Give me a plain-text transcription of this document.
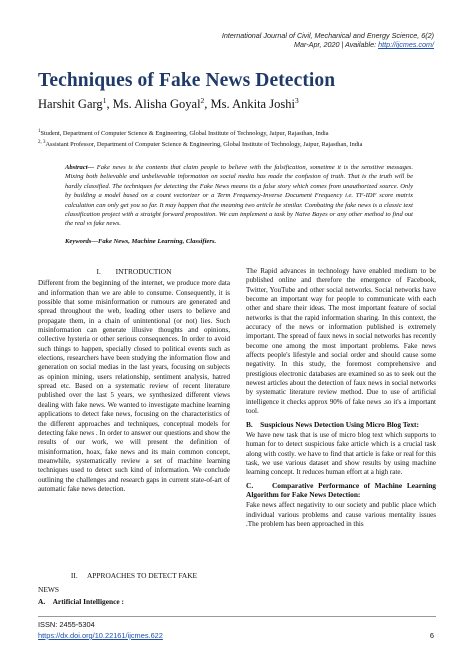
International Journal of Civil, Mechanical and Energy Science, 6(2)
Mar-Apr, 2020 | Available: http://ijcmes.com/
Techniques of Fake News Detection
Harshit Garg$^1$, Ms. Alisha Goyal$^2$, Ms. Ankita Joshi$^3$
$^1$Student, Department of Computer Science & Engineering, Global Institute of Technology, Jaipur, Rajasthan, India
$^{2, 3}$Assistant Professor, Department of Computer Science & Engineering, Global Institute of Technology, Jaipur, Rajasthan, India
Abstract— Fake news is the contents that claim people to believe with the falsification, sometime it is the sensitive messages. Mixing both believable and unbelievable information on social media has made the confusion of truth. That is the truth will be hardly classified. The techniques for detecting the Fake News means its a false story which comes from unauthorized source. Only by building a model based on a count vectorizer or a Term Frequency-Inverse Document Frequency i.e. TF-IDF score matrix calculation can only get you so far. It may happen that the meaning two article be similar. Combating the fake news is a classic text classification project with a straight forward proposition. We can implement a task by Naïve Bayes or any other method to find out the real vs fake news.
Keywords—Fake News, Machine Learning, Classifiers.
I. INTRODUCTION

Different from the beginning of the internet, we produce more data and information than we are able to consume. Consequently, it is possible that some misinformation or rumours are generated and spread throughout the web, leading other users to believe and propagate them, in a chain of unintentional (or not) lies. Such misinformation can generate illusive thoughts and opinions, collective hysteria or other serious consequences. In order to avoid such things to happen, specially closed to political events such as elections, researchers have been studying the information flow and generation on social medias in the last years, focusing on subjects as opinion mining, users relationship, sentiment analysis, hatred spread etc. Based on a systematic review of recent literature published over the last 5 years, we synthesized different views dealing with fake news. We wanted to investigate machine learning applications to detect fake news, focusing on the characteristics of the different approaches and techniques, conceptual models for detecting fake news . In order to answer our questions and show the results of our work, we will present the definition of misinformation, hoax, fake news and its main common concept, meanwhile, systematically review a set of machine learning techniques used to detect such kind of information. We conclude outlining the challenges and research gaps in current state-of-art of automatic fake news detection.

II. APPROACHES TO DETECT FAKE
NEWS
A. Artificial Intelligence :

The Rapid advances in technology have enabled medium to be published online and therefore the emergence of Facebook, Twitter, YouTube and other social networks. Social networks have become an important way for people to communicate with each other and share their ideas. The most important feature of social networks is that the rapid information sharing. In this context, the accuracy of the news or information published is extremely important. The spread of faux news in social networks has recently become one among the most important problems. Fake news affects people's lifestyle and social order and should cause some negativity. In this study, the foremost comprehensive and prestigious electronic databases are examined so as to seek out the newest articles about the detection of faux news in social networks by systematic literature review method. Due to use of artificial intelligence it checks approx 90% of fake news .so it's a important tool.

B. Suspicious News Detection Using Micro Blog Text:

We have new task that is use of micro blog text which supports to human for to detect suspicious fake article which is a crucial task along with costly. we have to find that article is fake or real for this task, we use various dataset and show results by using machine learning concept. It reduces human effort at a high rate.

C.	Comparative Performance of Machine Learning Algorithm for Fake News Detection:

Fake news affect negativity to our society and public place which individual various problems and cause various mentality issues .The problem has been approached in this

ISSN: 2455-5304
https://dx.doi.org/10.22161/ijcmes.622	6
